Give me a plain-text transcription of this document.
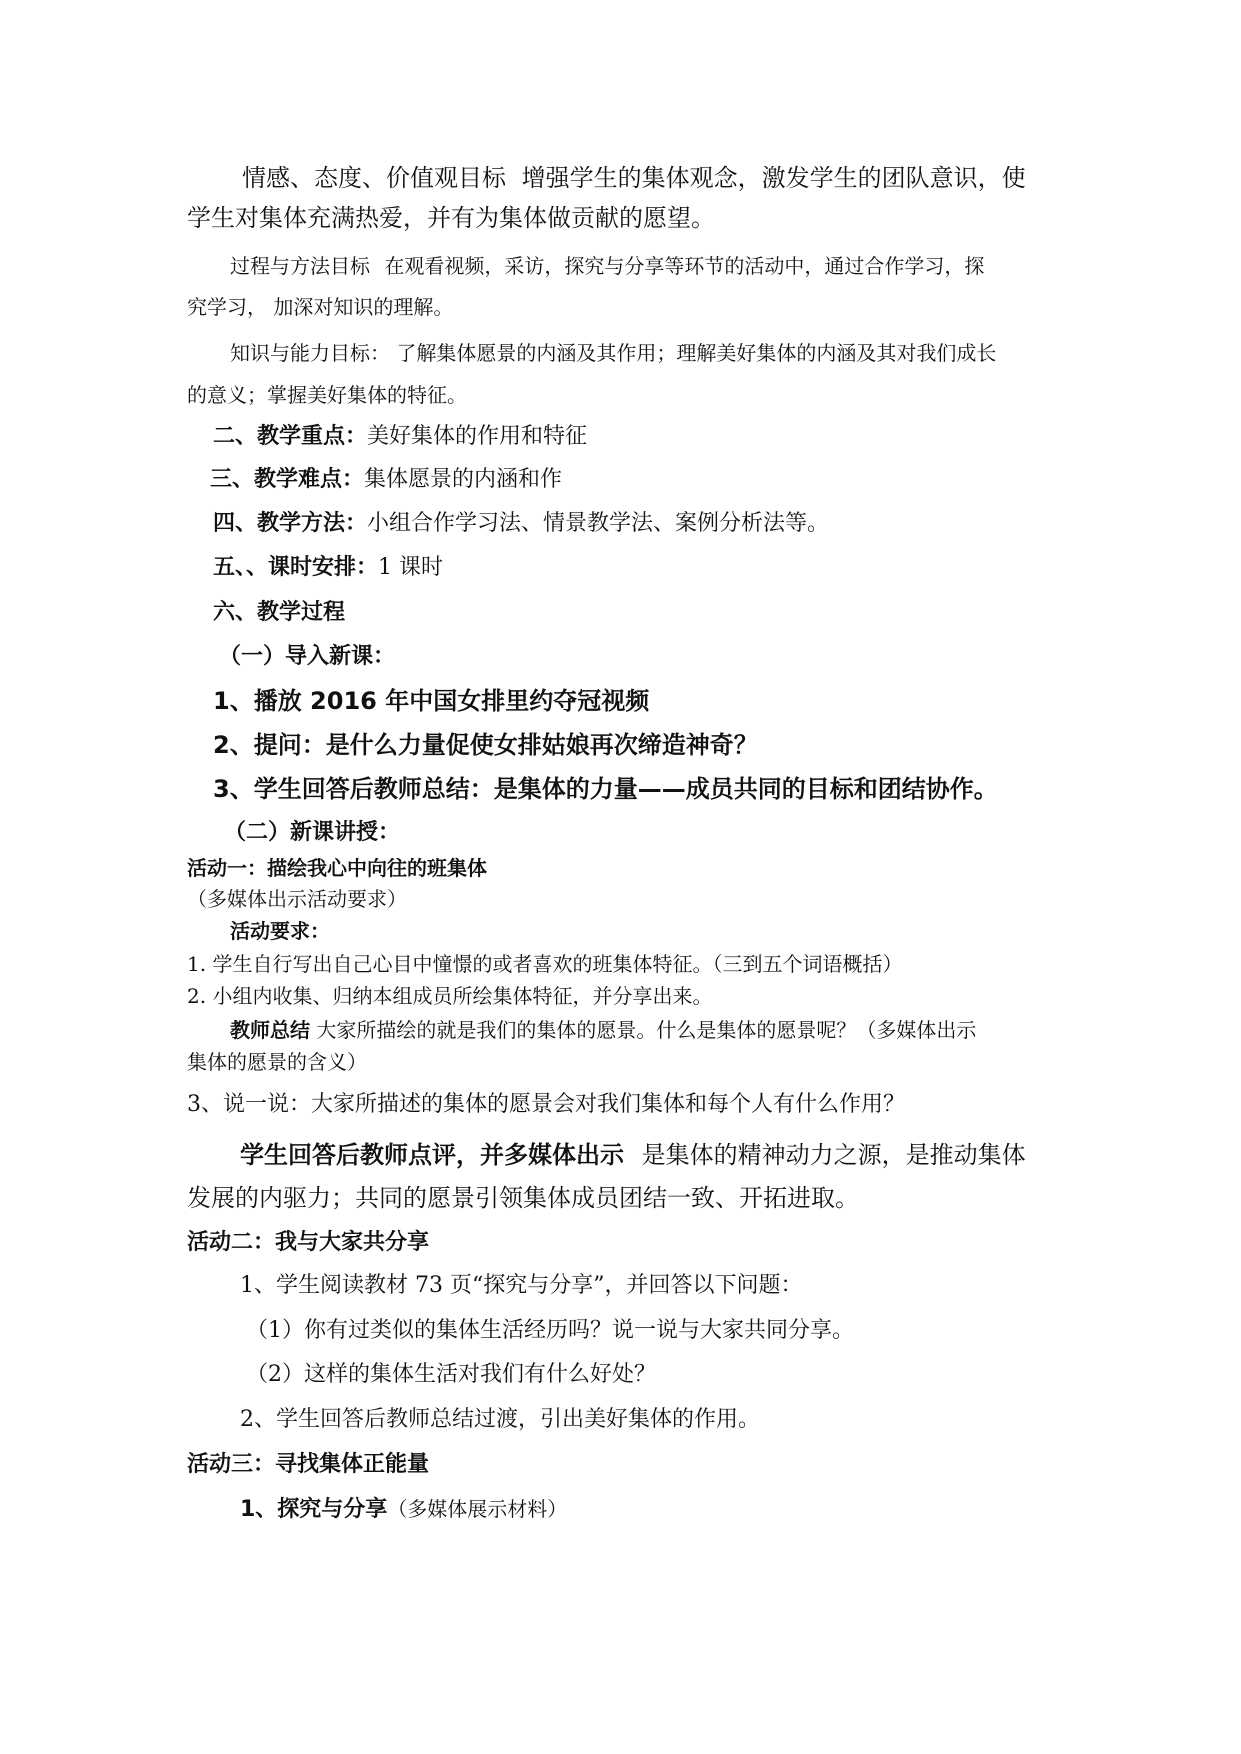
情感、态度、价值观目标 增强学生的集体观念，激发学生的团队意识，使
学生对集体充满热爱，并有为集体做贡献的愿望。
过程与方法目标 在观看视频，采访，探究与分享等环节的活动中，通过合作学习，探
究学习， 加深对知识的理解。
知识与能力目标： 了解集体愿景的内涵及其作用；理解美好集体的内涵及其对我们成长
的意义；掌握美好集体的特征。
二、教学重点：美好集体的作用和特征
三、教学难点：集体愿景的内涵和作
四、教学方法：小组合作学习法、情景教学法、案例分析法等。
五、、课时安排：1 课时
六、教学过程
（一）导入新课：
1、播放 2016 年中国女排里约夺冠视频
2、提问：是什么力量促使女排姑娘再次缔造神奇？
3、学生回答后教师总结：是集体的力量——成员共同的目标和团结协作。
（二）新课讲授：
活动一：描绘我心中向往的班集体
（多媒体出示活动要求）
活动要求：
1. 学生自行写出自己心目中憧憬的或者喜欢的班集体特征。（三到五个词语概括）
2. 小组内收集、归纳本组成员所绘集体特征，并分享出来。
教师总结 大家所描绘的就是我们的集体的愿景。什么是集体的愿景呢？（多媒体出示
集体的愿景的含义）
3、说一说：大家所描述的集体的愿景会对我们集体和每个人有什么作用？
学生回答后教师点评，并多媒体出示 是集体的精神动力之源，是推动集体
发展的内驱力；共同的愿景引领集体成员团结一致、开拓进取。
活动二：我与大家共分享
1、学生阅读教材 73 页“探究与分享”，并回答以下问题：
（1）你有过类似的集体生活经历吗？说一说与大家共同分享。
（2）这样的集体生活对我们有什么好处？
2、学生回答后教师总结过渡，引出美好集体的作用。
活动三：寻找集体正能量
1、探究与分享（多媒体展示材料）
